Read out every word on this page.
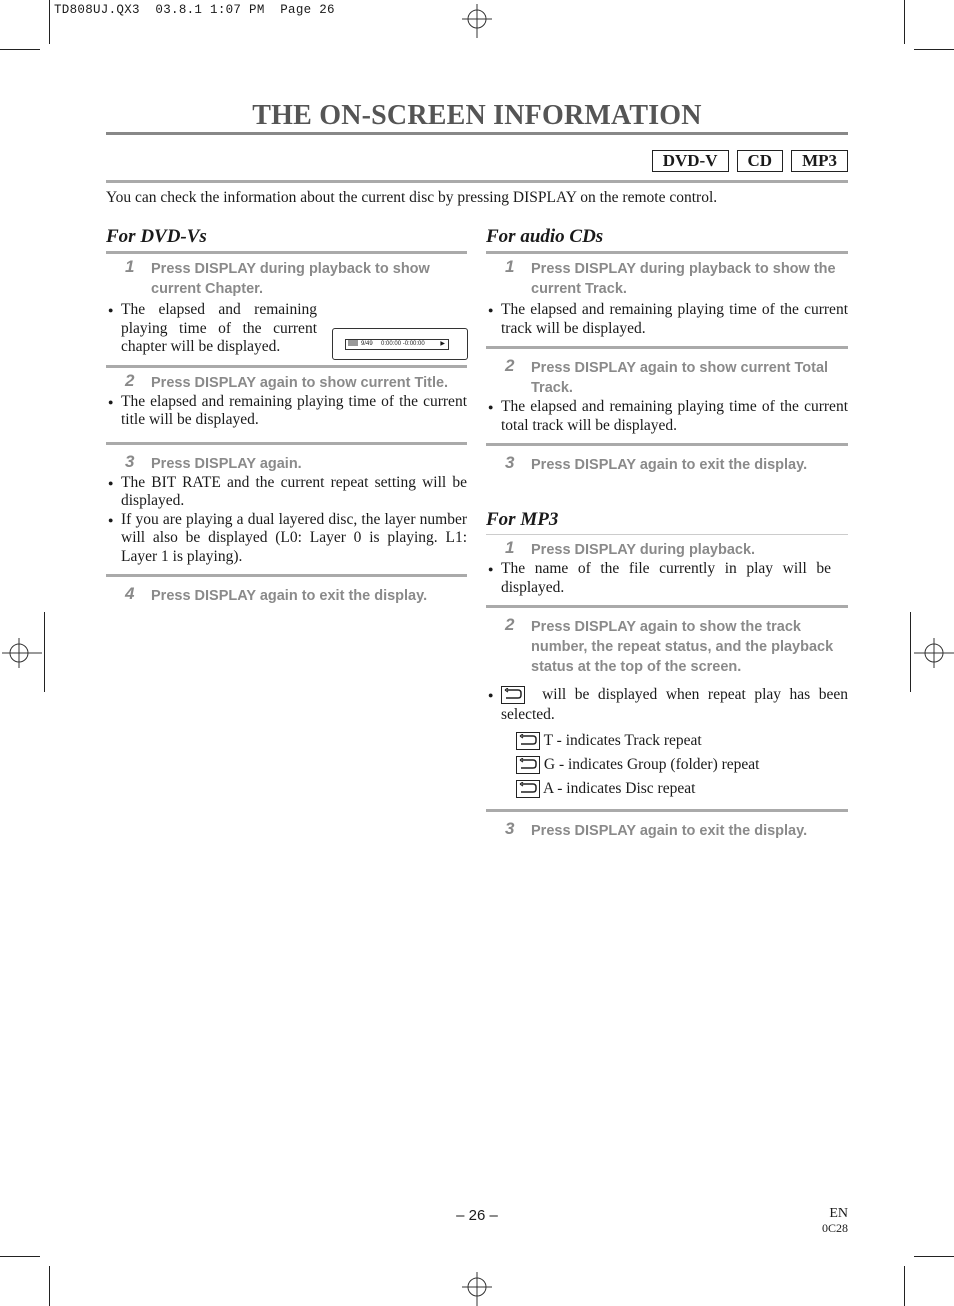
TD808UJ.QX3  03.8.1 1:07 PM  Page 26
THE ON-SCREEN INFORMATION
DVD-V	CD	MP3
You can check the information about the current disc by pressing DISPLAY on the remote control.
For DVD-Vs
1 Press DISPLAY during playback to show current Chapter.
● The elapsed and remaining playing time of the current chapter will be displayed.	9/49 0:00:00 -0:00:00	▶
2 Press DISPLAY again to show current Title.
● The elapsed and remaining playing time of the current title will be displayed.
3 Press DISPLAY again.
● The BIT RATE and the current repeat setting will be displayed.
● If you are playing a dual layered disc, the layer number will also be displayed (L0: Layer 0 is playing. L1: Layer 1 is playing).
4 Press DISPLAY again to exit the display.
For audio CDs
1 Press DISPLAY during playback to show the current Track.
● The elapsed and remaining playing time of the current track will be displayed.
2 Press DISPLAY again to show current Total Track.
● The elapsed and remaining playing time of the current total track will be displayed.
3 Press DISPLAY again to exit the display.
For MP3
1 Press DISPLAY during playback.
● The name of the file currently in play will be displayed.
2 Press DISPLAY again to show the track number, the repeat status, and the playback status at the top of the screen.
● will be displayed when repeat play has been selected.
T - indicates Track repeat
G - indicates Group (folder) repeat
A - indicates Disc repeat
3 Press DISPLAY again to exit the display.
– 26 –	EN
0C28
